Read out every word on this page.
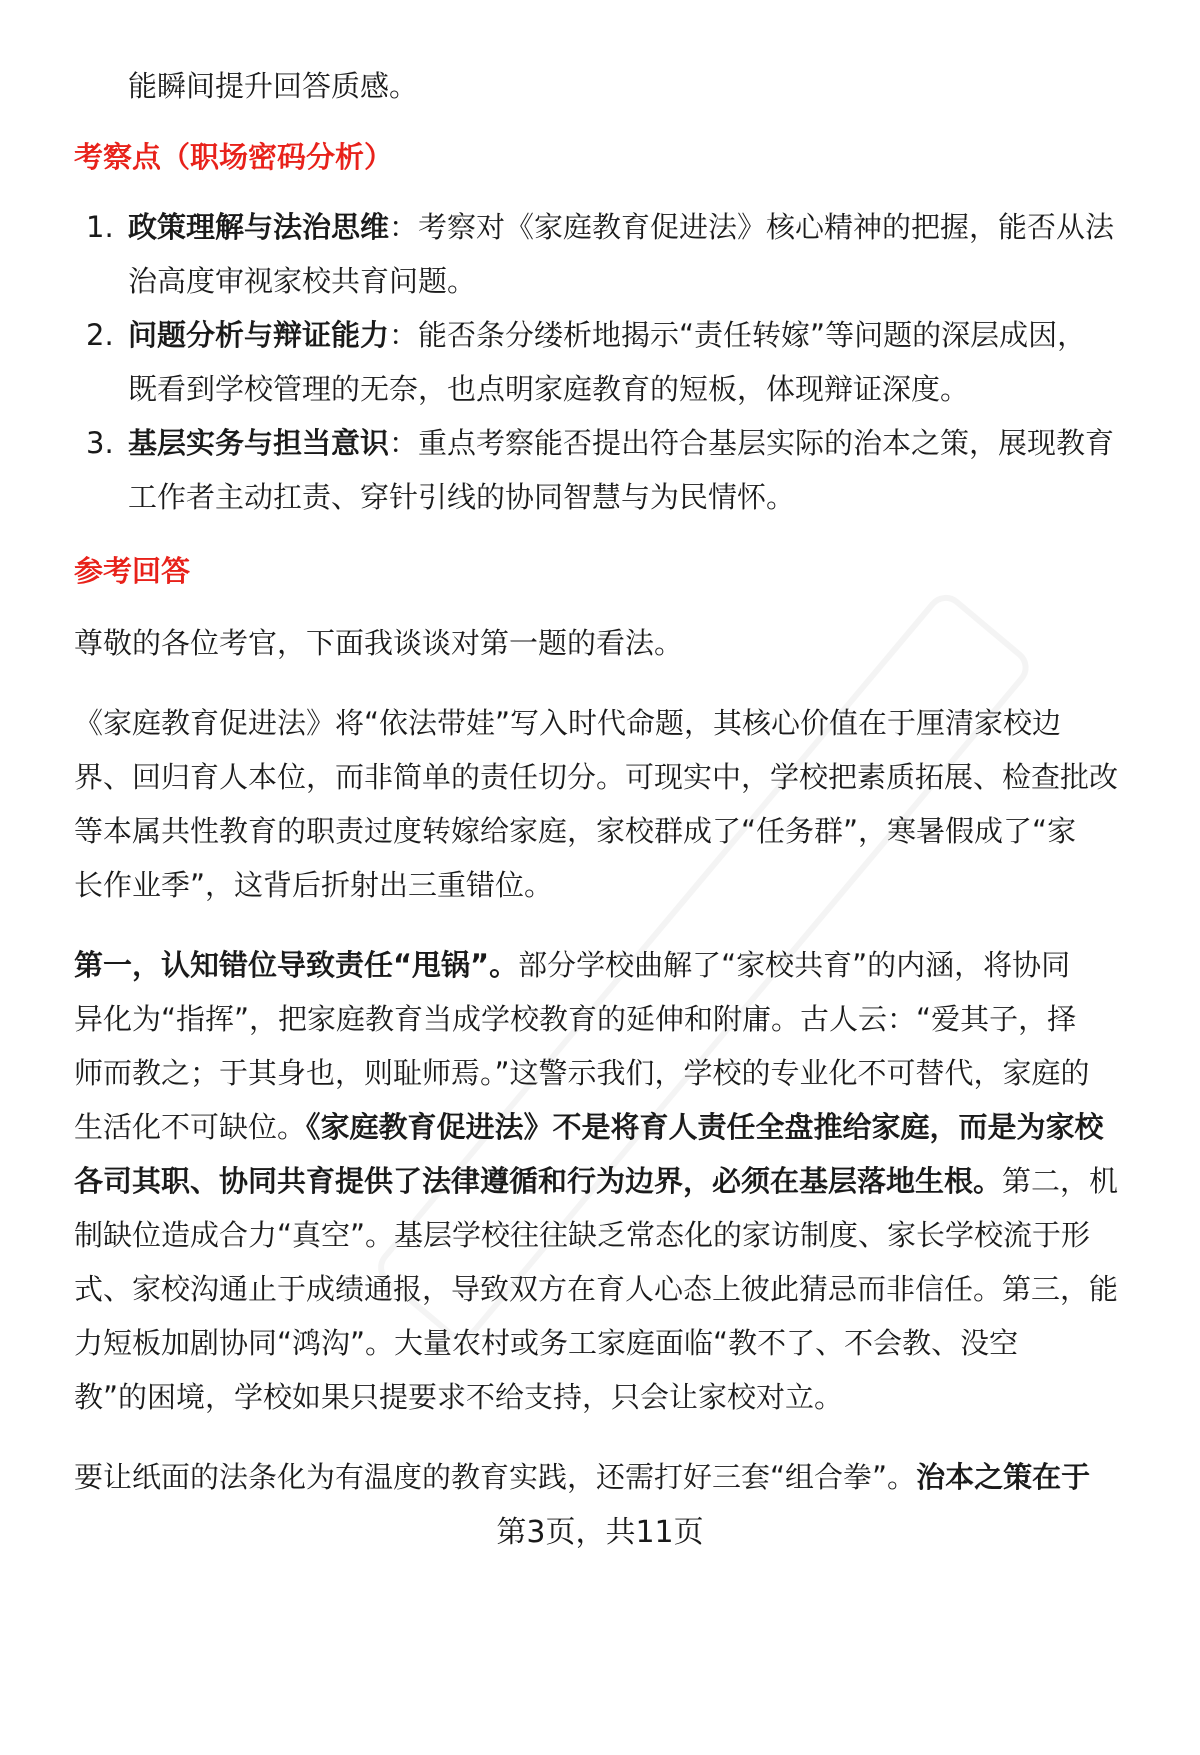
能瞬间提升回答质感。
考察点（职场密码分析）
1. 政策理解与法治思维：考察对《家庭教育促进法》核心精神的把握，能否从法
治高度审视家校共育问题。
2. 问题分析与辩证能力：能否条分缕析地揭示“责任转嫁”等问题的深层成因，
既看到学校管理的无奈，也点明家庭教育的短板，体现辩证深度。
3. 基层实务与担当意识：重点考察能否提出符合基层实际的治本之策，展现教育
工作者主动扛责、穿针引线的协同智慧与为民情怀。
参考回答
尊敬的各位考官，下面我谈谈对第一题的看法。
《家庭教育促进法》将“依法带娃”写入时代命题，其核心价值在于厘清家校边
界、回归育人本位，而非简单的责任切分。可现实中，学校把素质拓展、检查批改
等本属共性教育的职责过度转嫁给家庭，家校群成了“任务群”，寒暑假成了“家
长作业季”，这背后折射出三重错位。
第一，认知错位导致责任“甩锅”。部分学校曲解了“家校共育”的内涵，将协同
异化为“指挥”，把家庭教育当成学校教育的延伸和附庸。古人云：“爱其子，择
师而教之；于其身也，则耻师焉。”这警示我们，学校的专业化不可替代，家庭的
生活化不可缺位。《家庭教育促进法》不是将育人责任全盘推给家庭，而是为家校
各司其职、协同共育提供了法律遵循和行为边界，必须在基层落地生根。第二，机
制缺位造成合力“真空”。基层学校往往缺乏常态化的家访制度、家长学校流于形
式、家校沟通止于成绩通报，导致双方在育人心态上彼此猜忌而非信任。第三，能
力短板加剧协同“鸿沟”。大量农村或务工家庭面临“教不了、不会教、没空
教”的困境，学校如果只提要求不给支持，只会让家校对立。
要让纸面的法条化为有温度的教育实践，还需打好三套“组合拳”。治本之策在于
第3页，共11页
